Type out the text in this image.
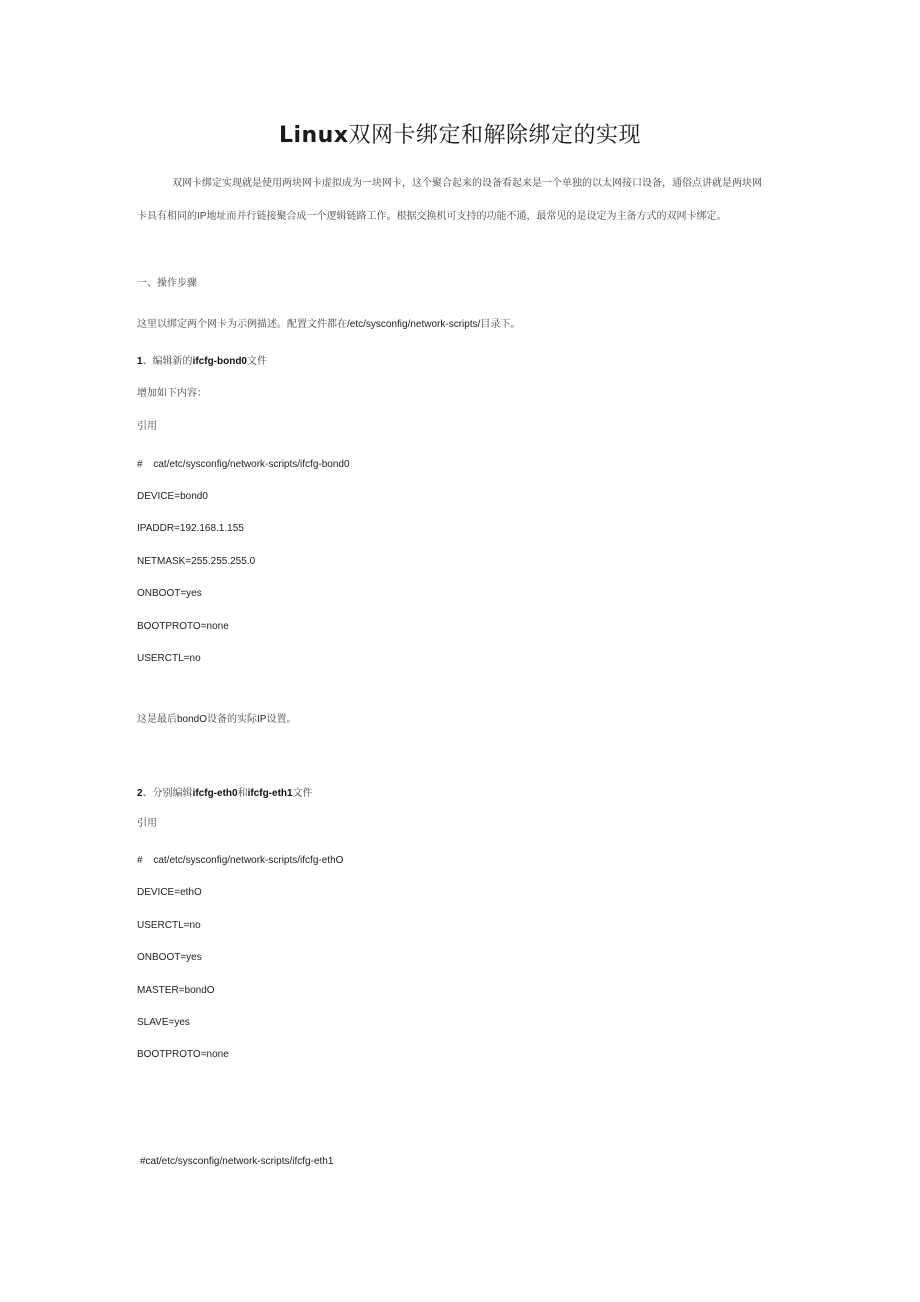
Linux双网卡绑定和解除绑定的实现
双网卡绑定实现就是使用两块网卡虚拟成为一块网卡，这个聚合起来的设备看起来是一个单独的以太网接口设备，通俗点讲就是两块网
卡具有相同的IP地址而并行链接聚合成一个逻辑链路工作。根据交换机可支持的功能不通，最常见的是设定为主备方式的双网卡绑定。
一、操作步骤
这里以绑定两个网卡为示例描述。配置文件都在/etc/sysconfig/network-scripts/目录下。
1、编辑新的ifcfg-bond0文件
增加如下内容：
引用
# cat/etc/sysconfig/network-scripts/ifcfg-bond0
DEVICE=bond0
IPADDR=192.168.1.155
NETMASK=255.255.255.0
ONBOOT=yes
BOOTPROTO=none
USERCTL=no
这是最后bondO设备的实际IP设置。
2、分别编辑ifcfg-eth0和ifcfg-eth1文件
引用
# cat/etc/sysconfig/network-scripts/ifcfg-ethO
DEVICE=ethO
USERCTL=no
ONBOOT=yes
MASTER=bondO
SLAVE=yes
BOOTPROTO=none
#cat/etc/sysconfig/network-scripts/ifcfg-eth1
